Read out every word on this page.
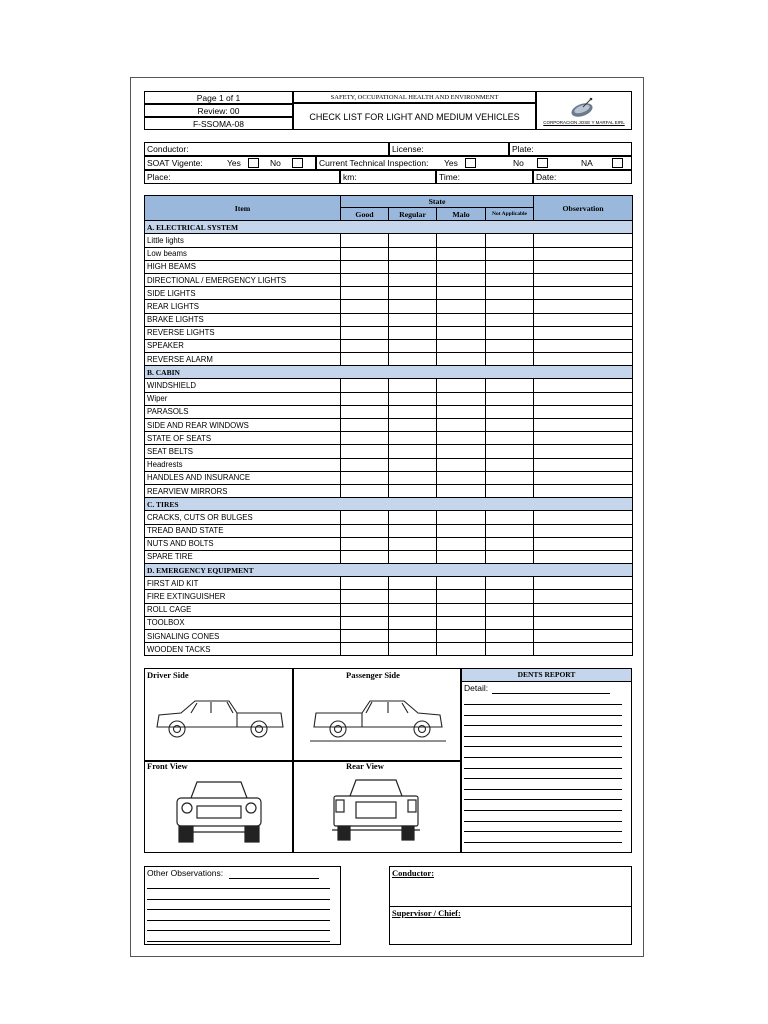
Page 1 of 1
Review: 00
F-SSOMA-08
SAFETY, OCCUPATIONAL HEALTH AND ENVIRONMENT
CHECK LIST FOR LIGHT AND MEDIUM VEHICLES
CORPORACION JOSE Y MARFAL EIRL
Conductor:	License:	Plate:
SOAT Vigente:	Yes	No	Current Technical Inspection: Yes	No	NA
Place:	km:	Time:	Date:
Item	State				Observation
	Good	Regular	Malo	Not Applicable	
A. ELECTRICAL SYSTEM					
Little lights					
Low beams					
HIGH BEAMS					
DIRECTIONAL / EMERGENCY LIGHTS					
SIDE LIGHTS					
REAR LIGHTS					
BRAKE LIGHTS					
REVERSE LIGHTS					
SPEAKER					
REVERSE ALARM					
B. CABIN					
WINDSHIELD					
Wiper					
PARASOLS					
SIDE AND REAR WINDOWS					
STATE OF SEATS					
SEAT BELTS					
Headrests					
HANDLES AND INSURANCE					
REARVIEW MIRRORS					
C. TIRES					
CRACKS, CUTS OR BULGES					
TREAD BAND STATE					
NUTS AND BOLTS					
SPARE TIRE					
D. EMERGENCY EQUIPMENT					
FIRST AID KIT					
FIRE EXTINGUISHER					
ROLL CAGE					
TOOLBOX					
SIGNALING CONES					
WOODEN TACKS					
Driver Side	Passenger Side
Front View	Rear View
DENTS REPORT
Detail:
Other Observations:	Conductor:
Supervisor / Chief:
